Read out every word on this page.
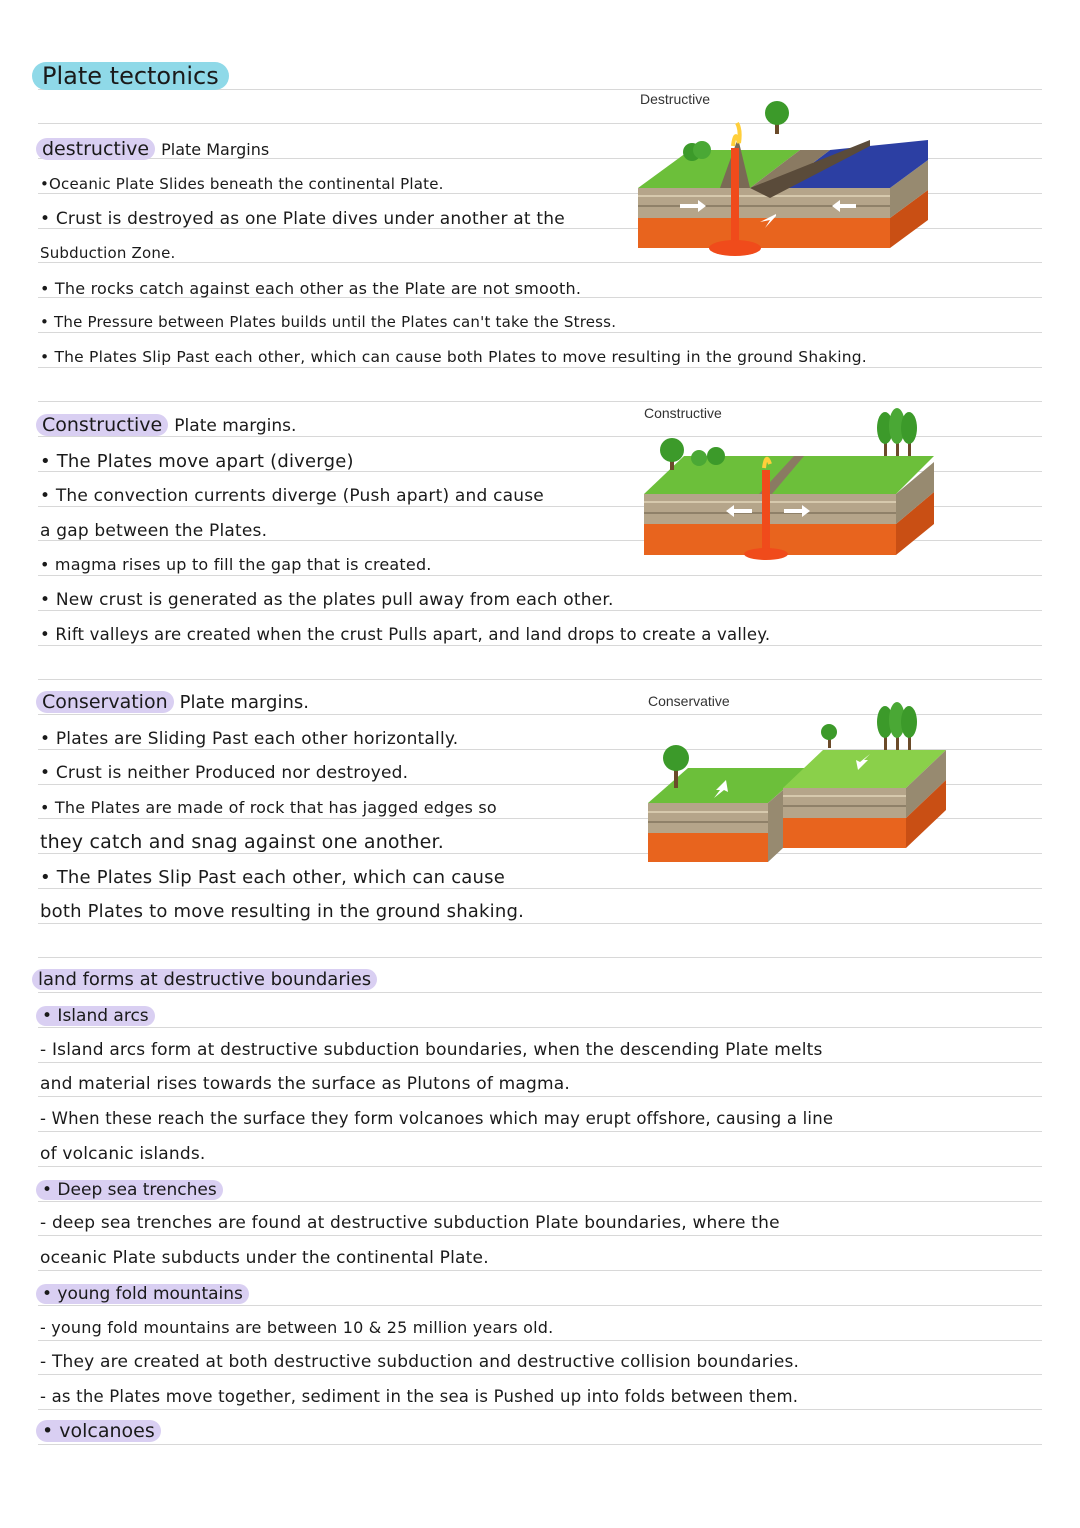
Plate tectonics
destructive Plate Margins
•Oceanic Plate Slides beneath the continental Plate.
• Crust is destroyed as one Plate dives under another at the
Subduction Zone.
• The rocks catch against each other as the Plate are not smooth.
• The Pressure between Plates builds until the Plates can't take the Stress.
• The Plates Slip Past each other, which can cause both Plates to move resulting in the ground Shaking.
Destructive
Constructive Plate margins.
• The Plates move apart (diverge)
• The convection currents diverge (Push apart) and cause
a gap between the Plates.
• magma rises up to fill the gap that is created.
• New crust is generated as the plates pull away from each other.
• Rift valleys are created when the crust Pulls apart, and land drops to create a valley.
Constructive
Conservation Plate margins.
• Plates are Sliding Past each other horizontally.
• Crust is neither Produced nor destroyed.
• The Plates are made of rock that has jagged edges so
they catch and snag against one another.
• The Plates Slip Past each other, which can cause
both Plates to move resulting in the ground shaking.
Conservative
land forms at destructive boundaries
• Island arcs
- Island arcs form at destructive subduction boundaries, when the descending Plate melts
and material rises towards the surface as Plutons of magma.
- When these reach the surface they form volcanoes which may erupt offshore, causing a line
of volcanic islands.
• Deep sea trenches
- deep sea trenches are found at destructive subduction Plate boundaries, where the
oceanic Plate subducts under the continental Plate.
• young fold mountains
- young fold mountains are between 10 & 25 million years old.
- They are created at both destructive subduction and destructive collision boundaries.
- as the Plates move together, sediment in the sea is Pushed up into folds between them.
• volcanoes
